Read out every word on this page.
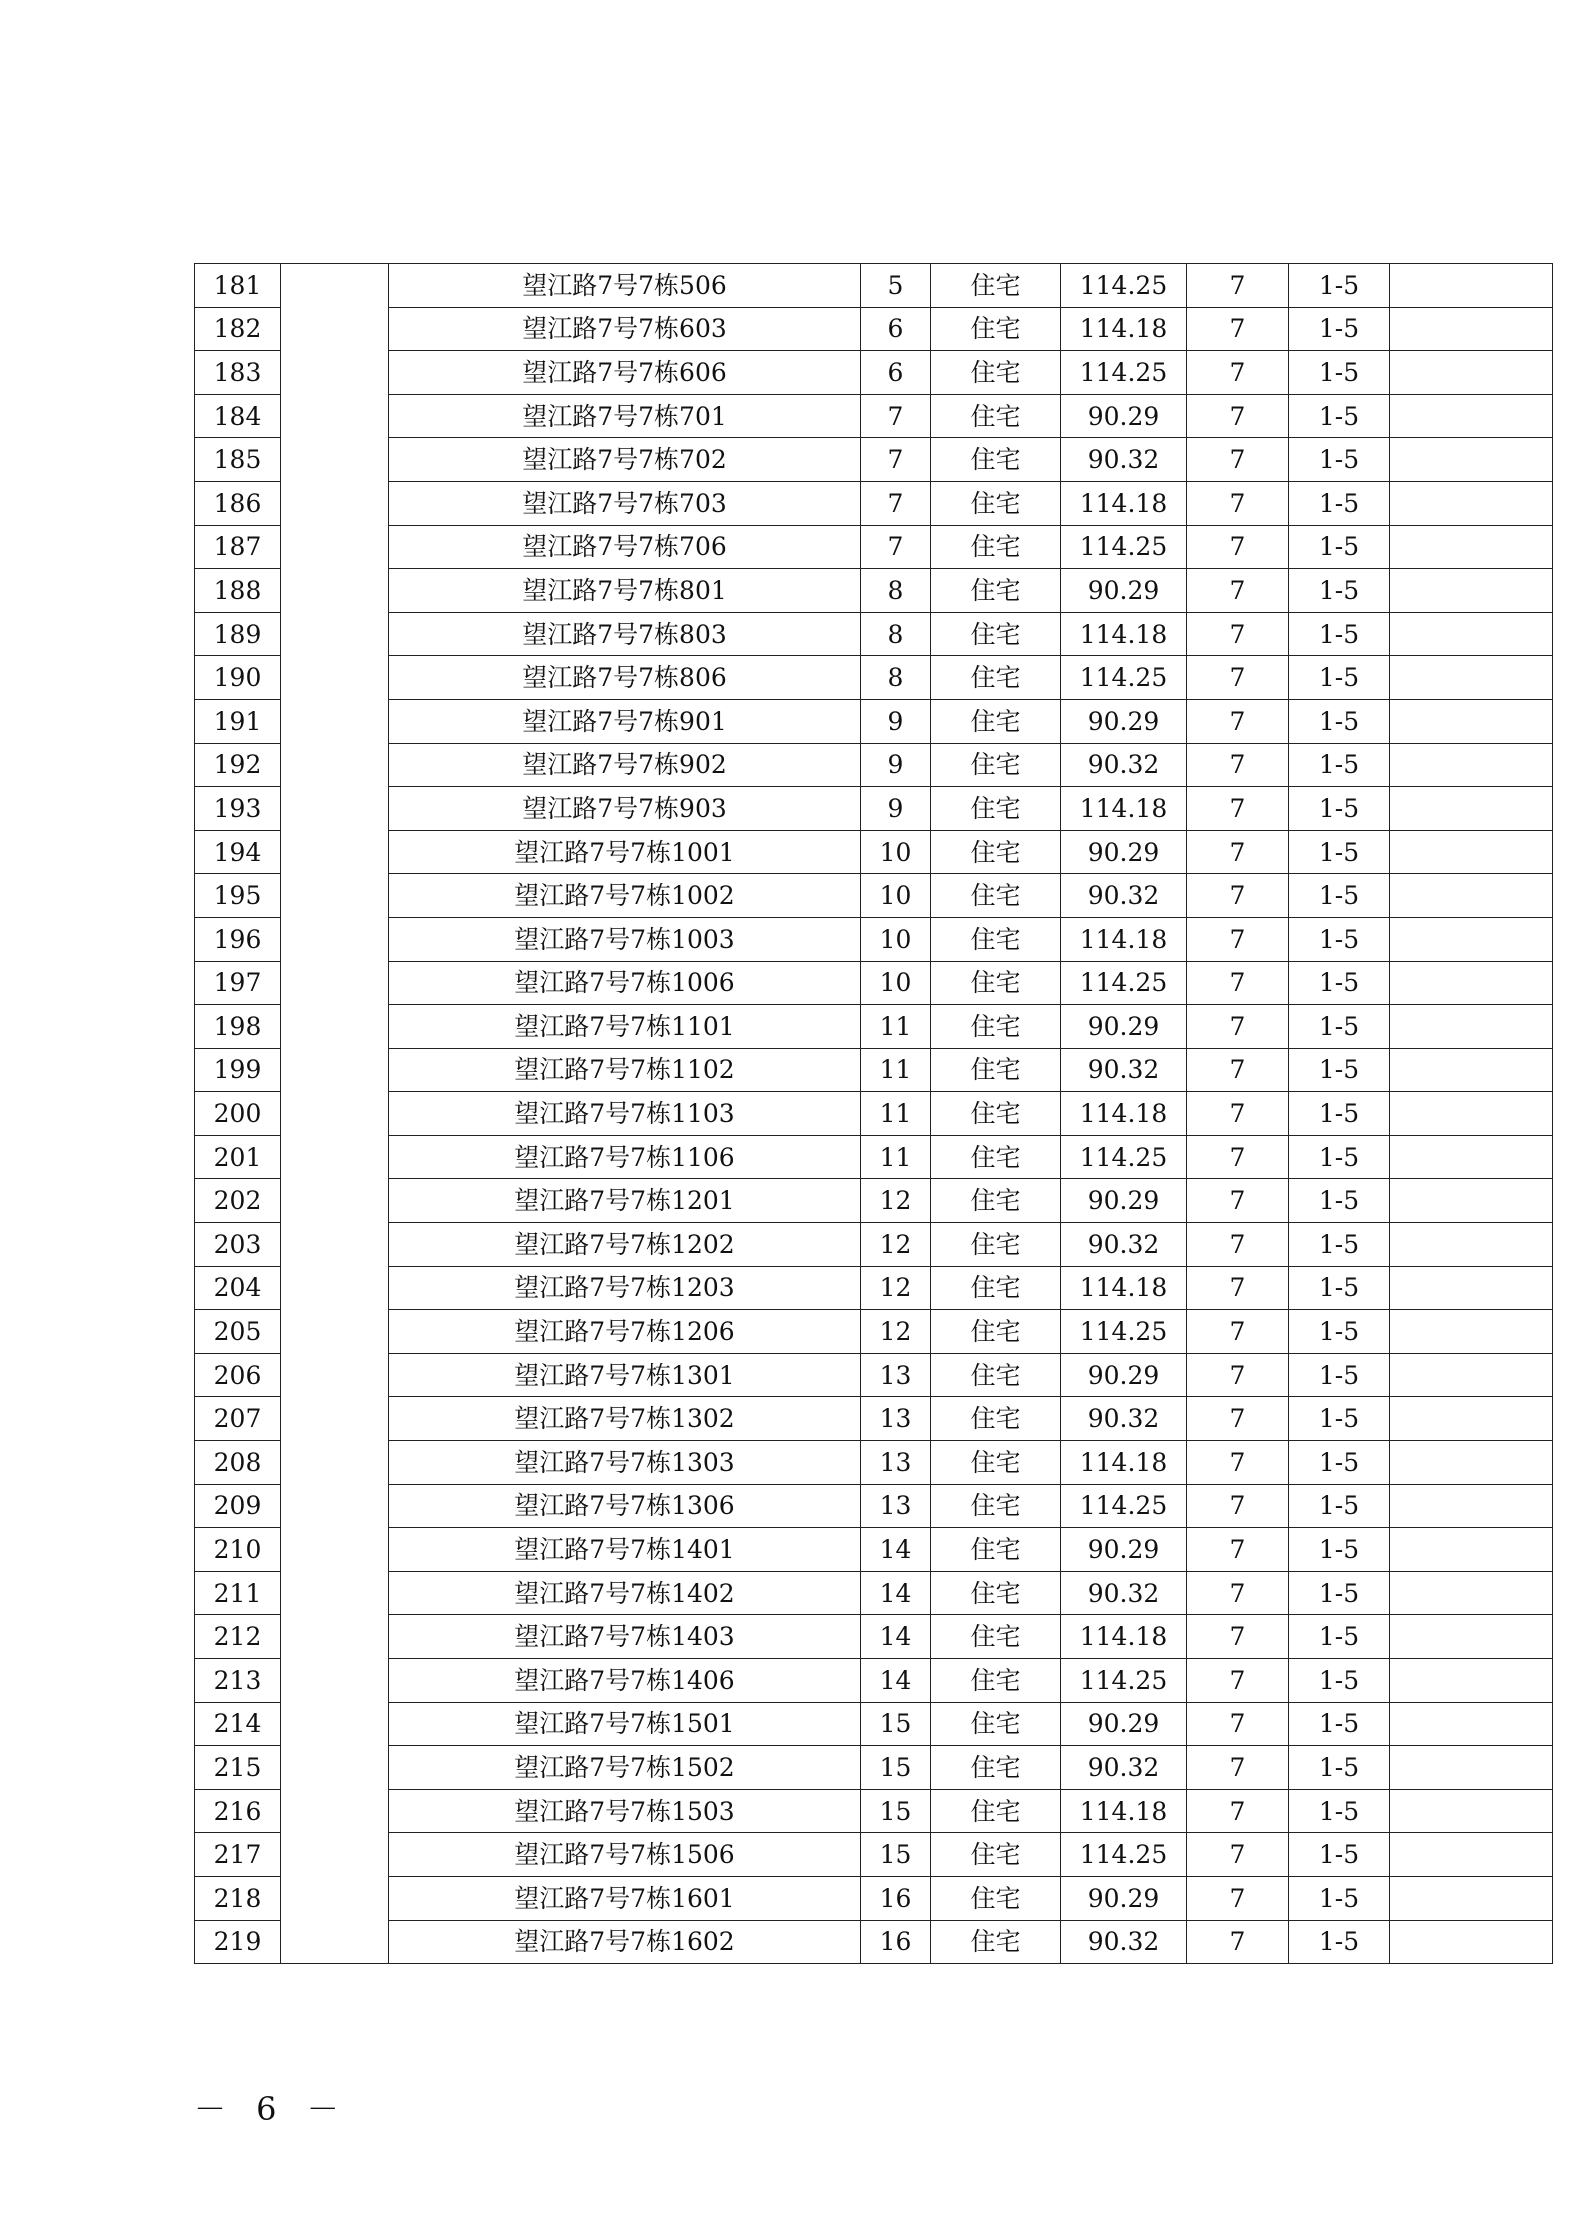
181		望江路7号7栋506	5	住宅	114.25	7	1-5	
182		望江路7号7栋603	6	住宅	114.18	7	1-5	
183		望江路7号7栋606	6	住宅	114.25	7	1-5	
184		望江路7号7栋701	7	住宅	90.29	7	1-5	
185		望江路7号7栋702	7	住宅	90.32	7	1-5	
186		望江路7号7栋703	7	住宅	114.18	7	1-5	
187		望江路7号7栋706	7	住宅	114.25	7	1-5	
188		望江路7号7栋801	8	住宅	90.29	7	1-5	
189		望江路7号7栋803	8	住宅	114.18	7	1-5	
190		望江路7号7栋806	8	住宅	114.25	7	1-5	
191		望江路7号7栋901	9	住宅	90.29	7	1-5	
192		望江路7号7栋902	9	住宅	90.32	7	1-5	
193		望江路7号7栋903	9	住宅	114.18	7	1-5	
194		望江路7号7栋1001	10	住宅	90.29	7	1-5	
195		望江路7号7栋1002	10	住宅	90.32	7	1-5	
196		望江路7号7栋1003	10	住宅	114.18	7	1-5	
197		望江路7号7栋1006	10	住宅	114.25	7	1-5	
198		望江路7号7栋1101	11	住宅	90.29	7	1-5	
199		望江路7号7栋1102	11	住宅	90.32	7	1-5	
200		望江路7号7栋1103	11	住宅	114.18	7	1-5	
201		望江路7号7栋1106	11	住宅	114.25	7	1-5	
202		望江路7号7栋1201	12	住宅	90.29	7	1-5	
203		望江路7号7栋1202	12	住宅	90.32	7	1-5	
204		望江路7号7栋1203	12	住宅	114.18	7	1-5	
205		望江路7号7栋1206	12	住宅	114.25	7	1-5	
206		望江路7号7栋1301	13	住宅	90.29	7	1-5	
207		望江路7号7栋1302	13	住宅	90.32	7	1-5	
208		望江路7号7栋1303	13	住宅	114.18	7	1-5	
209		望江路7号7栋1306	13	住宅	114.25	7	1-5	
210		望江路7号7栋1401	14	住宅	90.29	7	1-5	
211		望江路7号7栋1402	14	住宅	90.32	7	1-5	
212		望江路7号7栋1403	14	住宅	114.18	7	1-5	
213		望江路7号7栋1406	14	住宅	114.25	7	1-5	
214		望江路7号7栋1501	15	住宅	90.29	7	1-5	
215		望江路7号7栋1502	15	住宅	90.32	7	1-5	
216		望江路7号7栋1503	15	住宅	114.18	7	1-5	
217		望江路7号7栋1506	15	住宅	114.25	7	1-5	
218		望江路7号7栋1601	16	住宅	90.29	7	1-5	
219		望江路7号7栋1602	16	住宅	90.32	7	1-5	
－ 6 －
